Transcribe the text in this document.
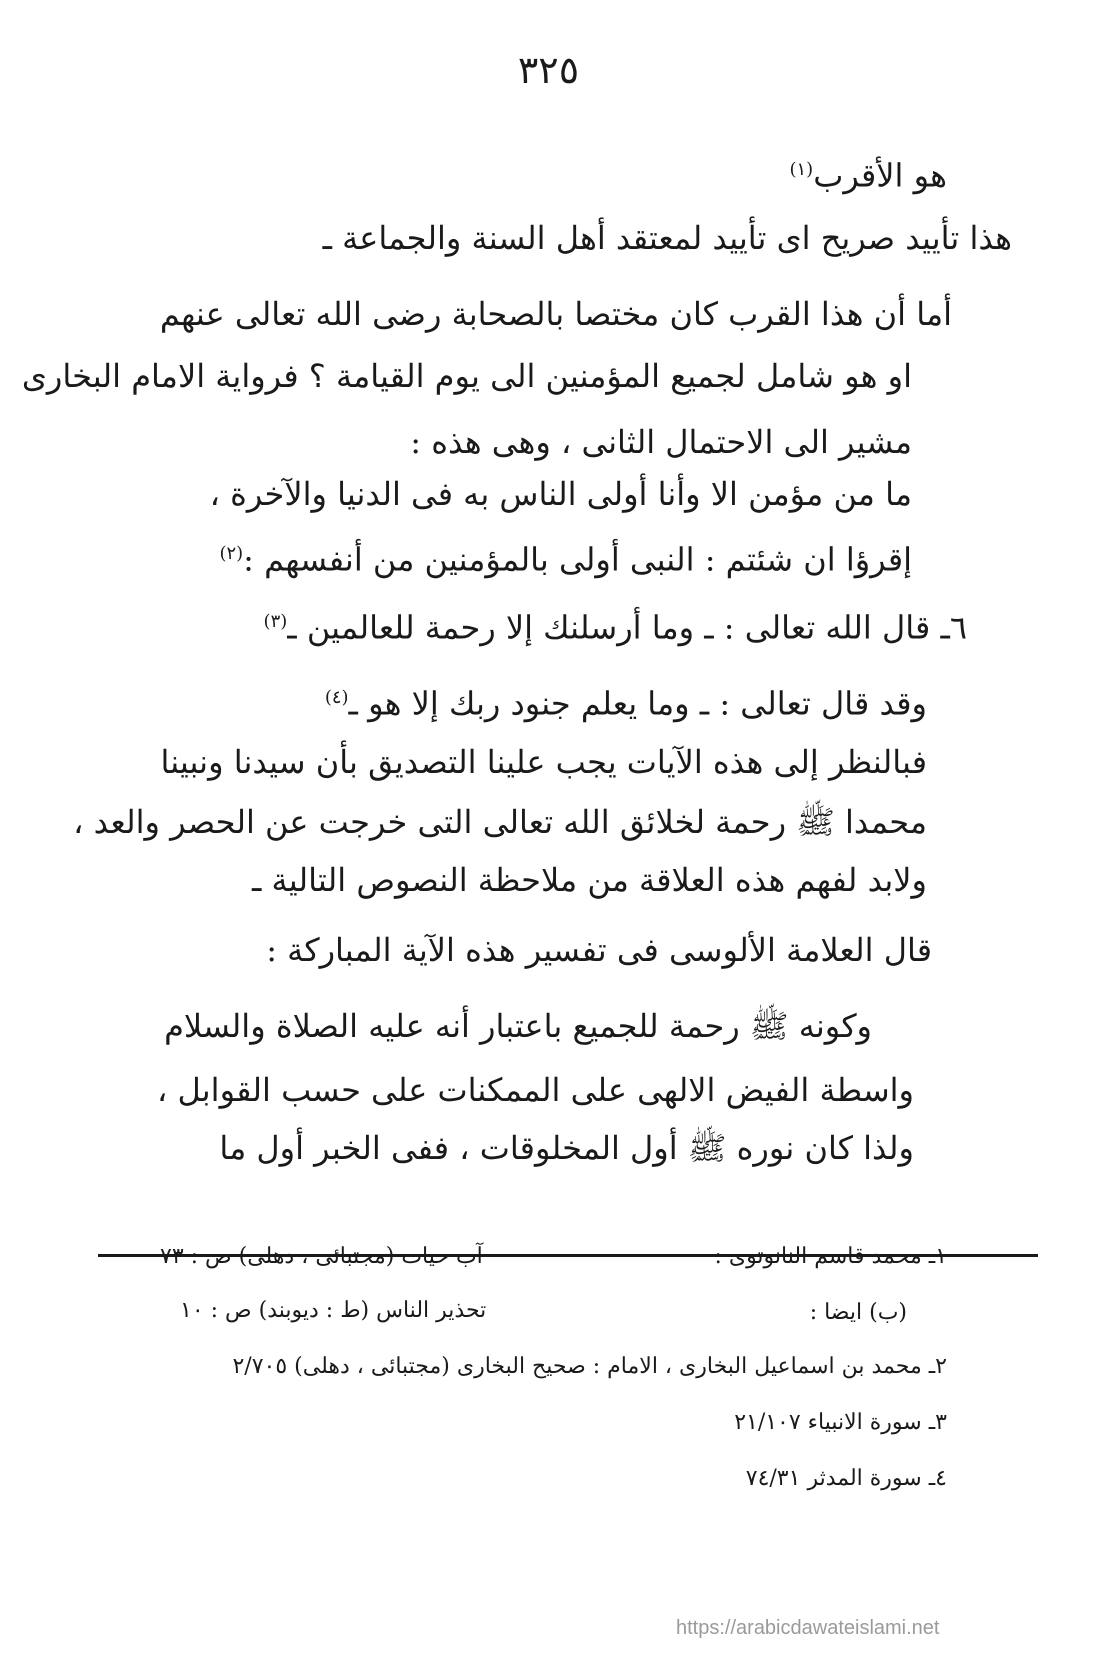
٣٢٥
هو الأقرب$^{(١)}$
هذا تأييد صريح اى تأييد لمعتقد أهل السنة والجماعة ـ
أما أن هذا القرب كان مختصا بالصحابة رضى الله تعالى عنهم
او هو شامل لجميع المؤمنين الى يوم القيامة ؟ فرواية الامام البخارى
مشير الى الاحتمال الثانى ، وهى هذه :
ما من مؤمن الا وأنا أولى الناس به فى الدنيا والآخرة ،
إقرؤا ان شئتم : النبى أولى بالمؤمنين من أنفسهم :$^{(٢)}$
٦ـ قال الله تعالى : ـ وما أرسلنك إلا رحمة للعالمين ـ$^{(٣)}$
وقد قال تعالى : ـ وما يعلم جنود ربك إلا هو ـ$^{(٤)}$
فبالنظر إلى هذه الآيات يجب علينا التصديق بأن سيدنا ونبينا
محمدا ﷺ رحمة لخلائق الله تعالى التى خرجت عن الحصر والعد ،
ولابد لفهم هذه العلاقة من ملاحظة النصوص التالية ـ
قال العلامة الألوسى فى تفسير هذه الآية المباركة :
وكونه ﷺ رحمة للجميع باعتبار أنه عليه الصلاة والسلام
واسطة الفيض الالهى على الممكنات على حسب القوابل ،
ولذا كان نوره ﷺ أول المخلوقات ، ففى الخبر أول ما
١ـ محمد قاسم النانوتوى :
آب حيات (مجتبائى ، دهلى) ص : ٧٣
(ب) ايضا :
تحذير الناس (ط : ديوبند) ص : ١٠
٢ـ محمد بن اسماعيل البخارى ، الامام : صحيح البخارى (مجتبائى ، دهلى) ٢/٧٠٥
٣ـ سورة الانبياء ٢١/١٠٧
٤ـ سورة المدثر ٧٤/٣١
https://arabicdawateislami.net
